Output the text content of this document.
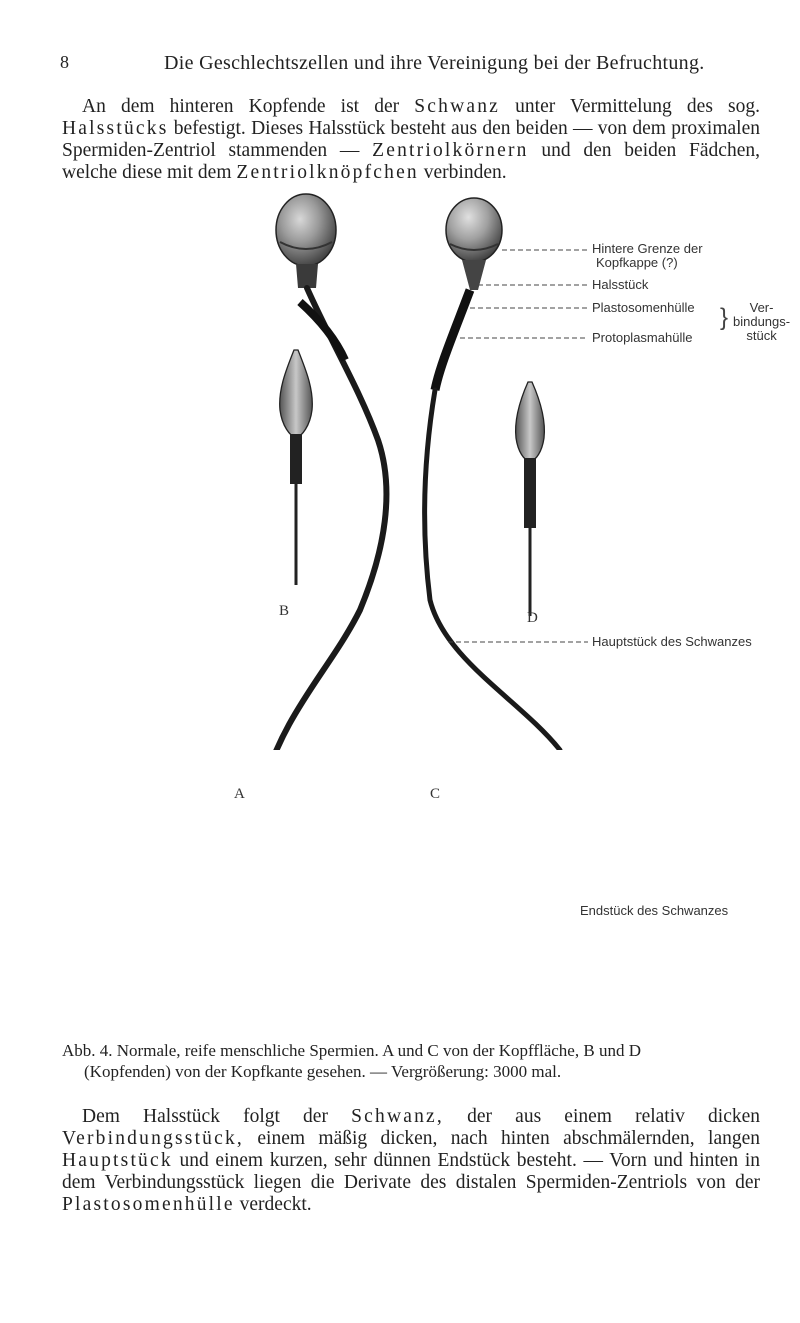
8	Die Geschlechtszellen und ihre Vereinigung bei der Befruchtung.

An dem hinteren Kopfende ist der Schwanz unter Vermittelung des sog. Halsstücks befestigt. Dieses Halsstück besteht aus den beiden — von dem proximalen Spermiden-Zentriol stammenden — Zentriolkörnern und den beiden Fädchen, welche diese mit dem Zentriolknöpfchen verbinden.

A
B
C
D
Hintere Grenze der
Kopfkappe (?)
Halsstück
Plastosomenhülle
Protoplasmahülle
}	Ver-
bindungs-
stück
Hauptstück des Schwanzes
Endstück des Schwanzes
Abb. 4. Normale, reife menschliche Spermien. A und C von der Kopffläche, B und D
(Kopfenden) von der Kopfkante gesehen. — Vergrößerung: 3000 mal.

Dem Halsstück folgt der Schwanz, der aus einem relativ dicken Verbindungsstück, einem mäßig dicken, nach hinten abschmälernden, langen Hauptstück und einem kurzen, sehr dünnen Endstück besteht. — Vorn und hinten in dem Verbindungsstück liegen die Derivate des distalen Spermiden-Zentriols von der Plastosomenhülle verdeckt.
